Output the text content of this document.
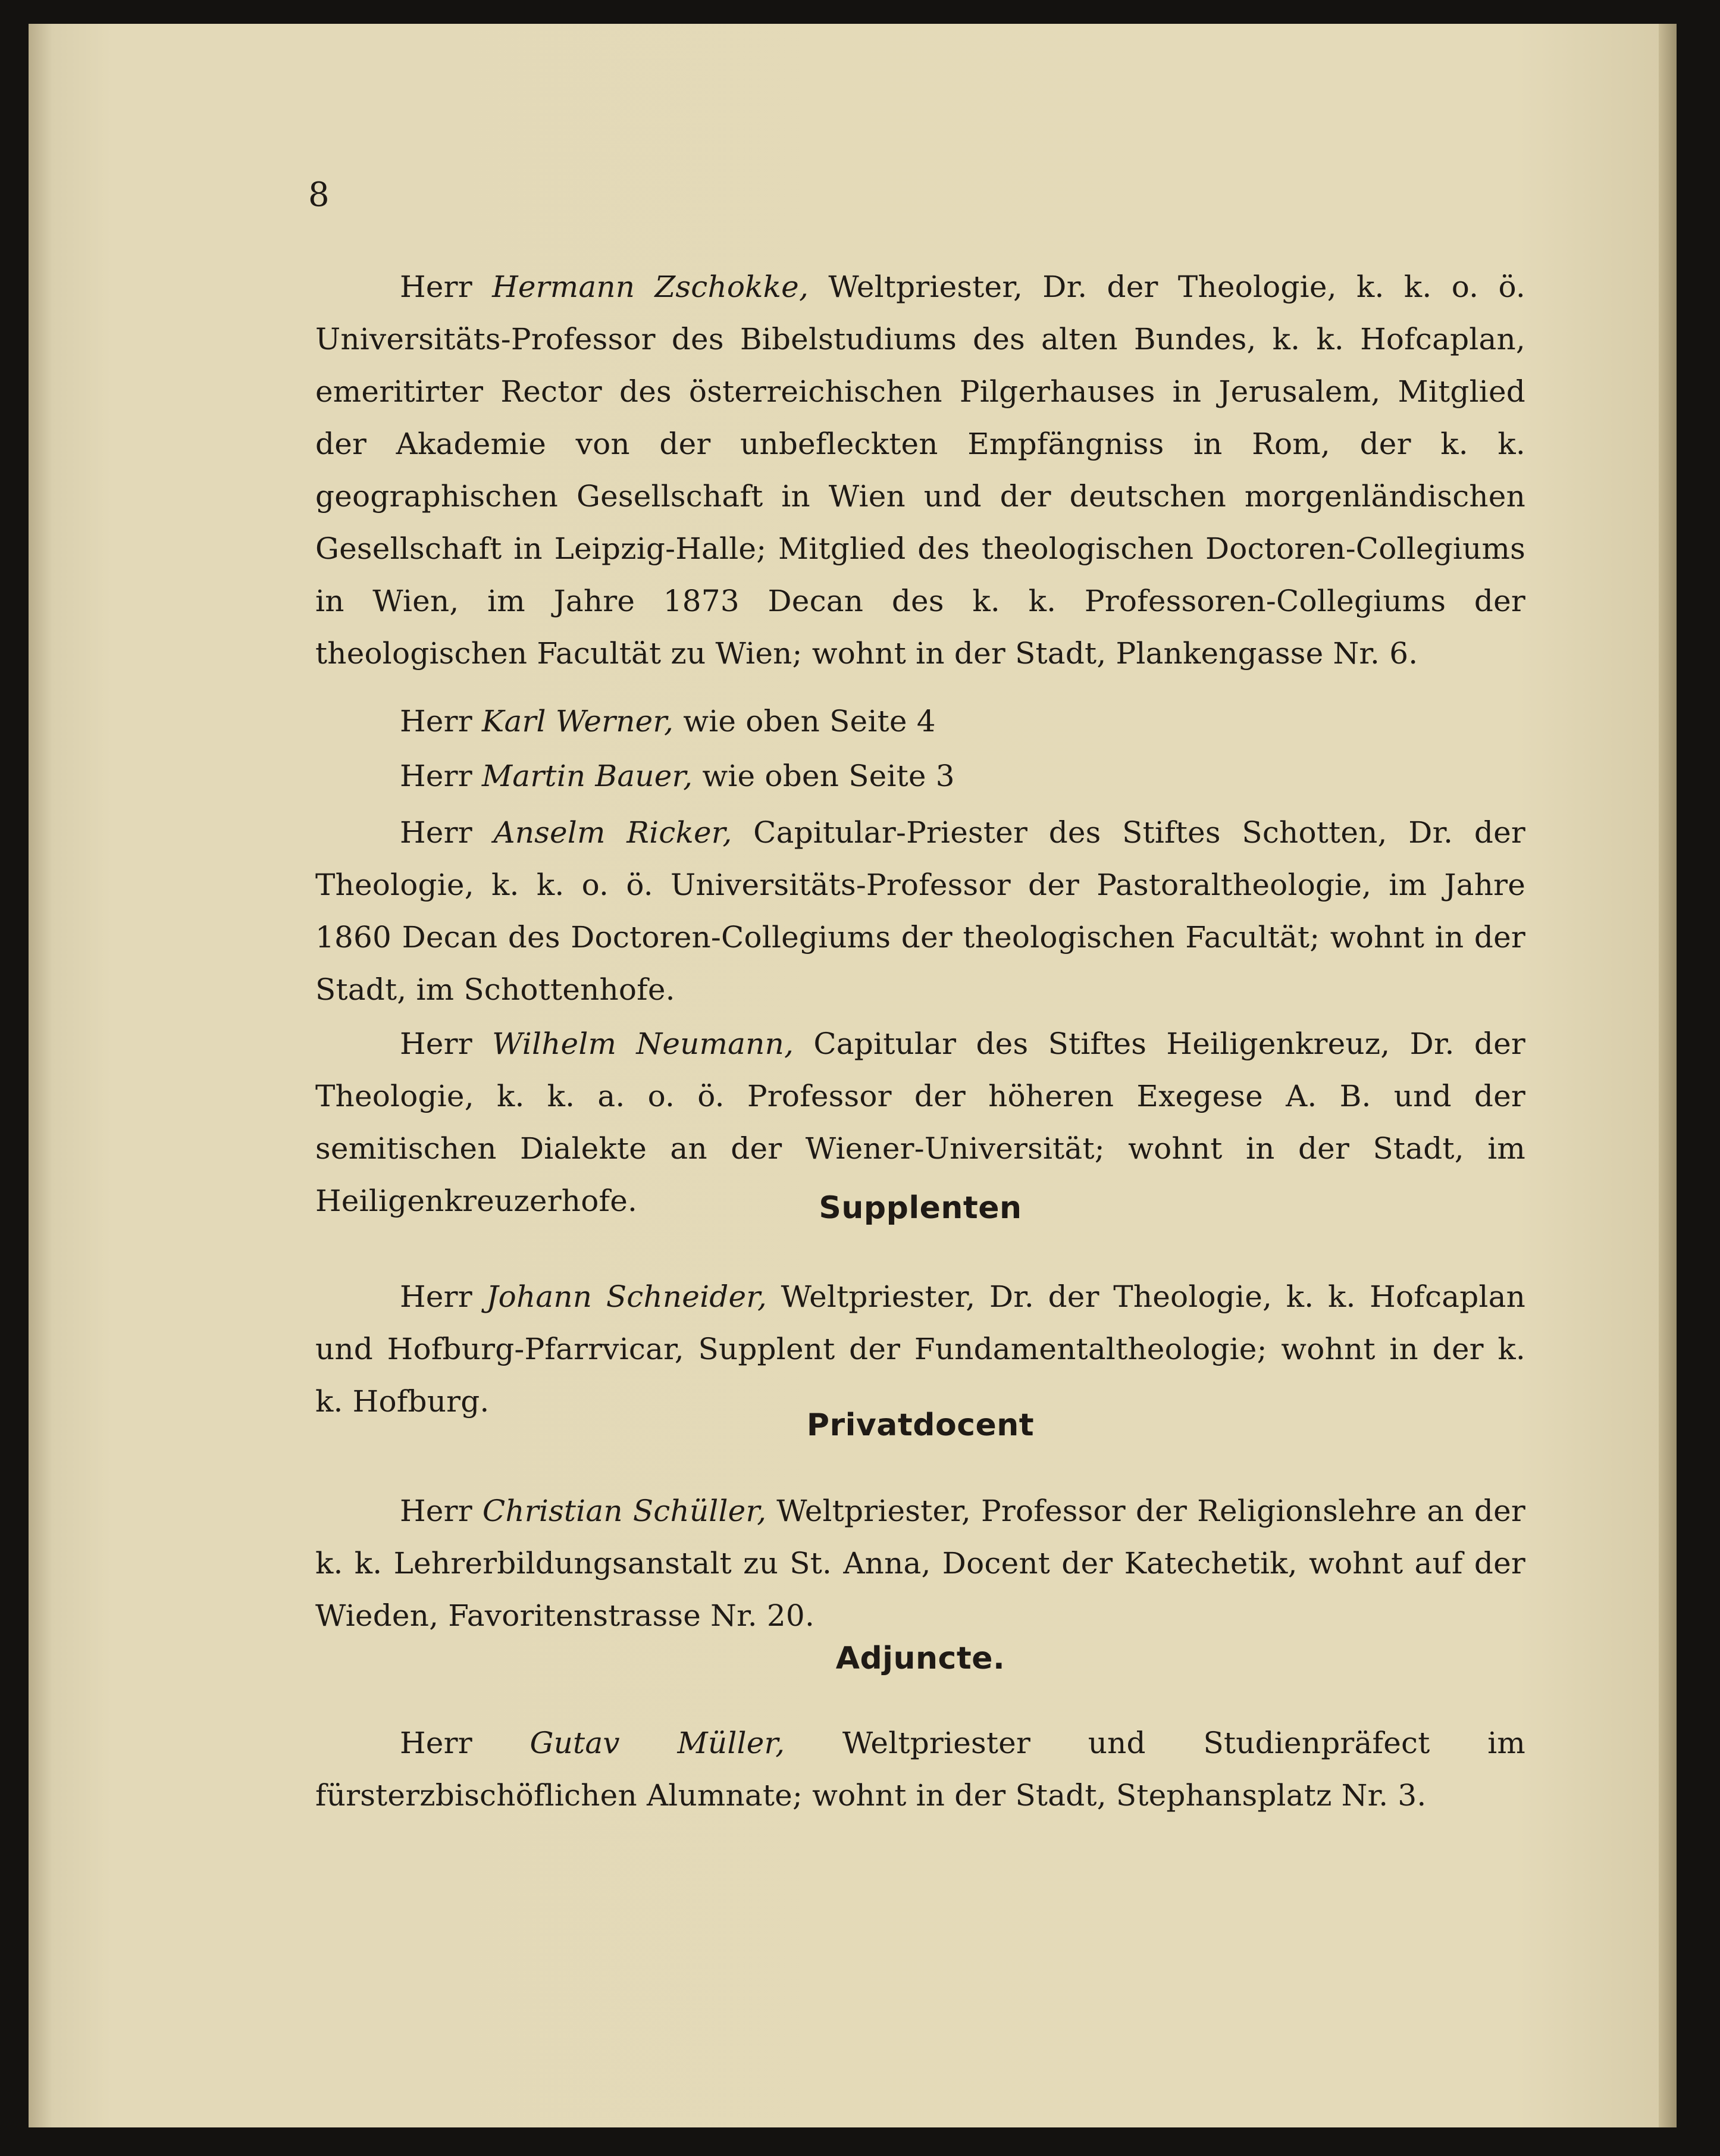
8

Herr Hermann Zschokke, Weltpriester, Dr. der Theologie, k. k. o. ö. Universitäts-Professor des Bibelstudiums des alten Bundes, k. k. Hofcaplan, emeritirter Rector des österreichischen Pilgerhauses in Jerusalem, Mitglied der Akademie von der unbefleckten Empfängniss in Rom, der k. k. geographischen Gesellschaft in Wien und der deutschen morgenländischen Gesellschaft in Leipzig-Halle; Mitglied des theologischen Doctoren-Collegiums in Wien, im Jahre 1873 Decan des k. k. Professoren-Collegiums der theologischen Facultät zu Wien; wohnt in der Stadt, Plankengasse Nr. 6.

Herr Karl Werner, wie oben Seite 4

Herr Martin Bauer, wie oben Seite 3

Herr Anselm Ricker, Capitular-Priester des Stiftes Schotten, Dr. der Theologie, k. k. o. ö. Universitäts-Professor der Pastoraltheologie, im Jahre 1860 Decan des Doctoren-Collegiums der theologischen Facultät; wohnt in der Stadt, im Schottenhofe.

Herr Wilhelm Neumann, Capitular des Stiftes Heiligenkreuz, Dr. der Theologie, k. k. a. o. ö. Professor der höheren Exegese A. B. und der semitischen Dialekte an der Wiener-Universität; wohnt in der Stadt, im Heiligenkreuzerhofe.	Supplenten

Herr Johann Schneider, Weltpriester, Dr. der Theologie, k. k. Hofcaplan und Hofburg-Pfarrvicar, Supplent der Fundamentaltheologie; wohnt in der k. k. Hofburg.

Privatdocent

Herr Christian Schüller, Weltpriester, Professor der Religionslehre an der k. k. Lehrerbildungsanstalt zu St. Anna, Docent der Katechetik, wohnt auf der Wieden, Favoritenstrasse Nr. 20.

Adjuncte.

Herr Gutav Müller, Weltpriester und Studienpräfect im fürsterzbischöflichen Alumnate; wohnt in der Stadt, Stephansplatz Nr. 3.
